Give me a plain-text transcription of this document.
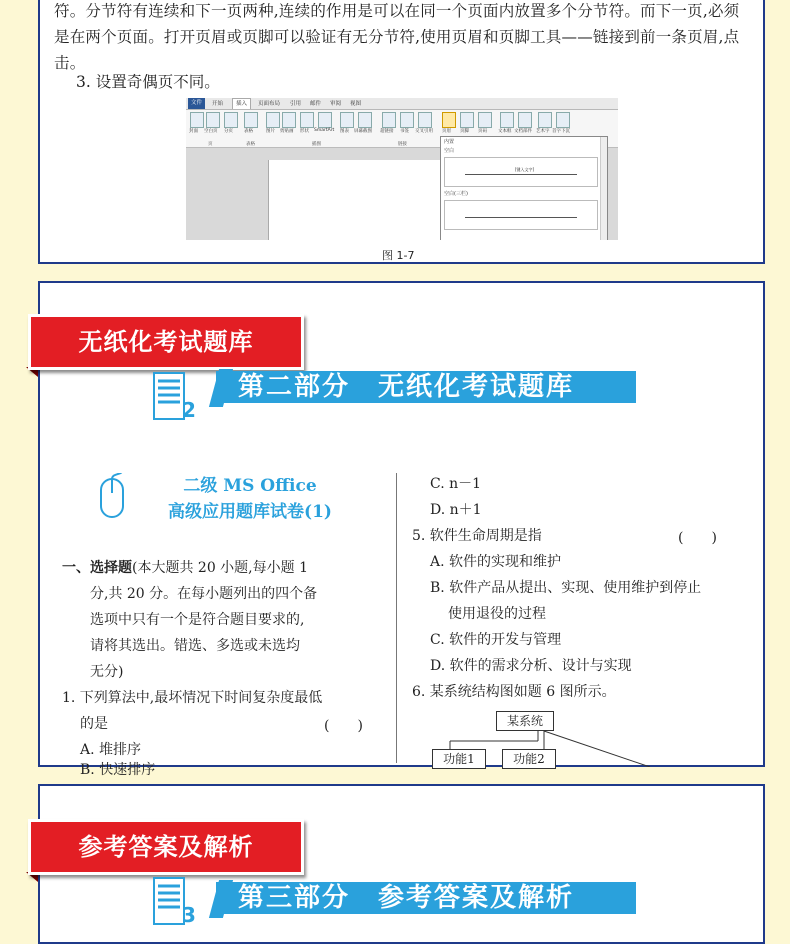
符。分节符有连续和下一页两种,连续的作用是可以在同一个页面内放置多个分节符。而下一页,必须是在两个页面。打开页眉或页脚可以验证有无分节符,使用页眉和页脚工具——链接到前一条页眉,点击。

3. 设置奇偶页不同。

文件	开始	插入	页面布局 引用 邮件 审阅 视图
封面 空白页 分页 表格	图片 剪贴画 形状 SmartArt 图表 屏幕截图 超链接 书签 交叉引用 页眉 页脚 页码 文本框 文档部件 艺术字 首字下沉
页	表格	插图	链接	内置
空白
[键入文字]
空白(三栏)
图 1-7
无纸化考试题库
2
第二部分　无纸化考试题库
二级 MS Office
高级应用题库试卷(1)

一、选择题(本大题共 20 小题,每小题 1

分,共 20 分。在每小题列出的四个备

选项中只有一个是符合题目要求的,

请将其选出。错选、多选或未选均

无分)

1. 下列算法中,最坏情况下时间复杂度最低

的是	(　　)

A. 堆排序

B. 快速排序

C. n－1

D. n＋1

5. 软件生命周期是指	(　　)

A. 软件的实现和维护

B. 软件产品从提出、实现、使用维护到停止

使用退役的过程

C. 软件的开发与管理

D. 软件的需求分析、设计与实现

6. 某系统结构图如题 6 图所示。

某系统
功能1	功能2
参考答案及解析
3
第三部分　参考答案及解析
